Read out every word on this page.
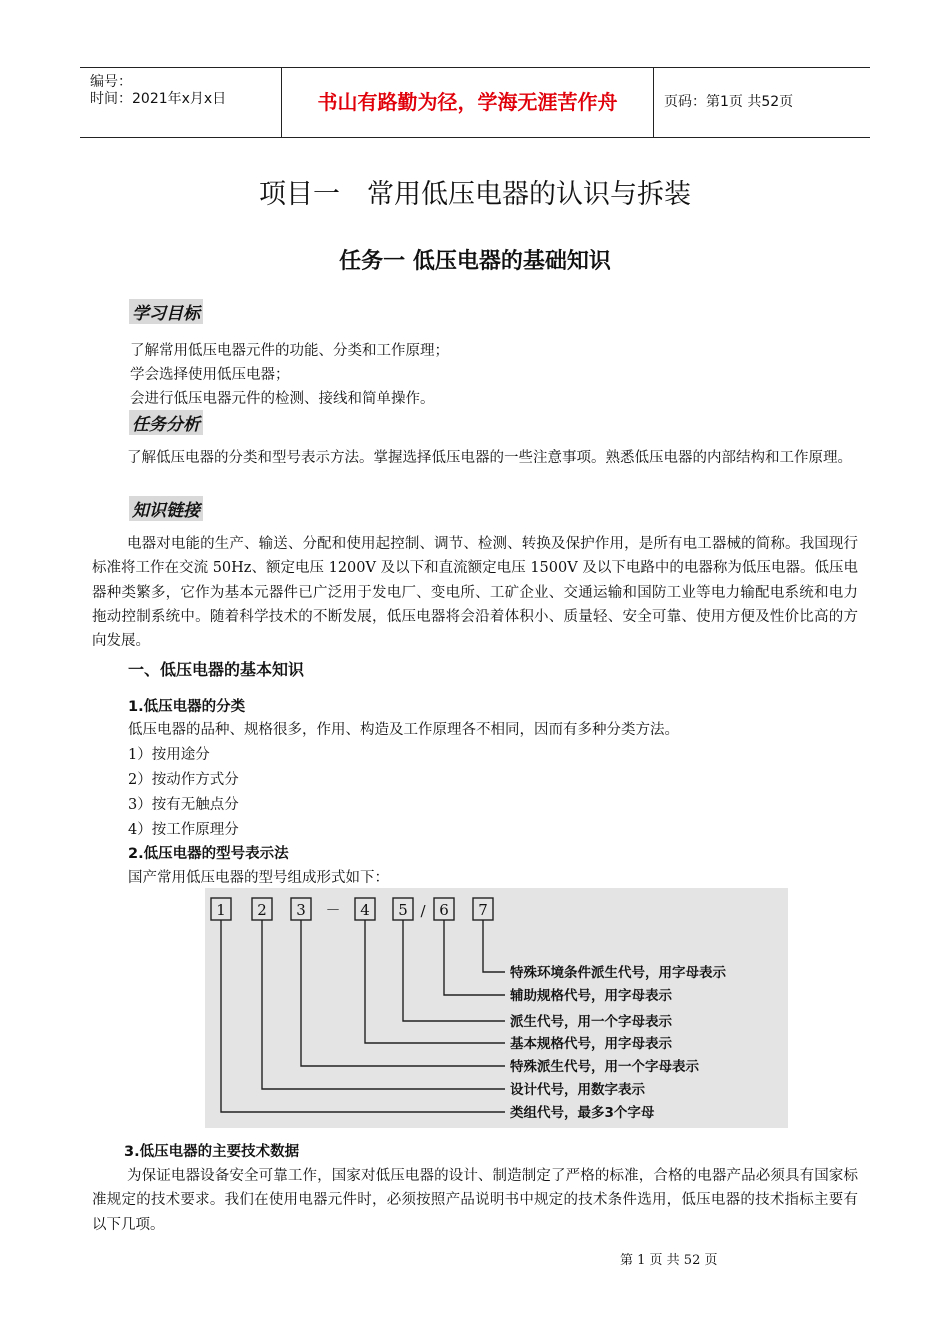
编号：
时间：2021年x月x日	书山有路勤为径，学海无涯苦作舟	页码：第1页 共52页
项目一　常用低压电器的认识与拆装
任务一 低压电器的基础知识
学习目标
了解常用低压电器元件的功能、分类和工作原理；
学会选择使用低压电器；
会进行低压电器元件的检测、接线和简单操作。
任务分析
了解低压电器的分类和型号表示方法。掌握选择低压电器的一些注意事项。熟悉低压电器的内部结构和工作原理。
知识链接
电器对电能的生产、输送、分配和使用起控制、调节、检测、转换及保护作用，是所有电工器械的简称。我国现行标准将工作在交流 50Hz、额定电压 1200V 及以下和直流额定电压 1500V 及以下电路中的电器称为低压电器。低压电器种类繁多，它作为基本元器件已广泛用于发电厂、变电所、工矿企业、交通运输和国防工业等电力输配电系统和电力拖动控制系统中。随着科学技术的不断发展，低压电器将会沿着体积小、质量轻、安全可靠、使用方便及性价比高的方向发展。
一、低压电器的基本知识
1.低压电器的分类
低压电器的品种、规格很多，作用、构造及工作原理各不相同，因而有多种分类方法。
1）按用途分
2）按动作方式分
3）按有无触点分
4）按工作原理分
2.低压电器的型号表示法
国产常用低压电器的型号组成形式如下：
1 2 3 － 4 5 / 6 7
特殊环境条件派生代号，用字母表示
辅助规格代号，用字母表示
派生代号，用一个字母表示
基本规格代号，用字母表示
特殊派生代号，用一个字母表示
设计代号，用数字表示
类组代号，最多3个字母
3.低压电器的主要技术数据
为保证电器设备安全可靠工作，国家对低压电器的设计、制造制定了严格的标准，合格的电器产品必须具有国家标准规定的技术要求。我们在使用电器元件时，必须按照产品说明书中规定的技术条件选用，低压电器的技术指标主要有以下几项。
第 1 页 共 52 页
